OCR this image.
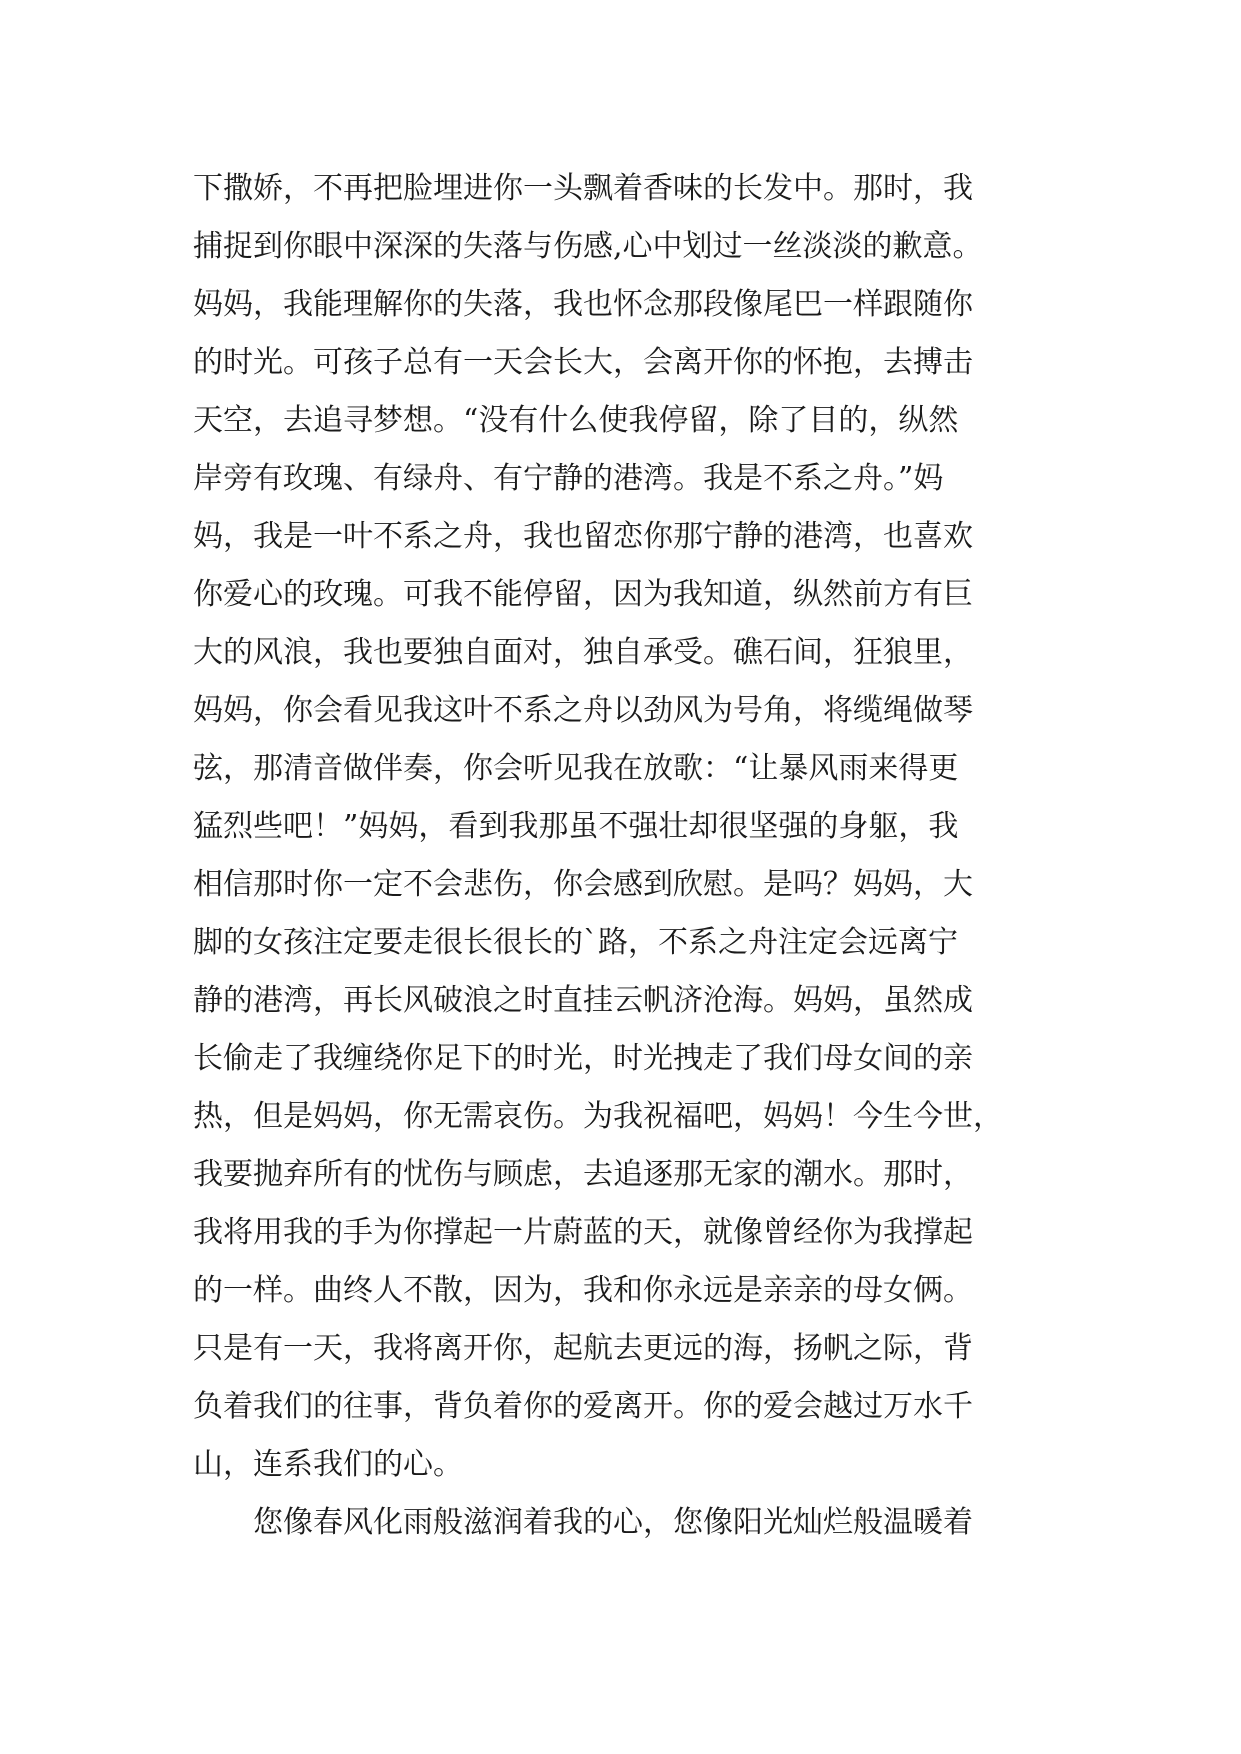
下撒娇，不再把脸埋进你一头飘着香味的长发中。那时，我
捕捉到你眼中深深的失落与伤感,心中划过一丝淡淡的歉意。
妈妈，我能理解你的失落，我也怀念那段像尾巴一样跟随你
的时光。可孩子总有一天会长大，会离开你的怀抱，去搏击
天空，去追寻梦想。“没有什么使我停留，除了目的，纵然
岸旁有玫瑰、有绿舟、有宁静的港湾。我是不系之舟。”妈
妈，我是一叶不系之舟，我也留恋你那宁静的港湾，也喜欢
你爱心的玫瑰。可我不能停留，因为我知道，纵然前方有巨
大的风浪，我也要独自面对，独自承受。礁石间，狂狼里，
妈妈，你会看见我这叶不系之舟以劲风为号角，将缆绳做琴
弦，那清音做伴奏，你会听见我在放歌：“让暴风雨来得更
猛烈些吧！”妈妈，看到我那虽不强壮却很坚强的身躯，我
相信那时你一定不会悲伤，你会感到欣慰。是吗？妈妈，大
脚的女孩注定要走很长很长的`路，不系之舟注定会远离宁
静的港湾，再长风破浪之时直挂云帆济沧海。妈妈，虽然成
长偷走了我缠绕你足下的时光，时光拽走了我们母女间的亲
热，但是妈妈，你无需哀伤。为我祝福吧，妈妈！今生今世，
我要抛弃所有的忧伤与顾虑，去追逐那无家的潮水。那时，
我将用我的手为你撑起一片蔚蓝的天，就像曾经你为我撑起
的一样。曲终人不散，因为，我和你永远是亲亲的母女俩。
只是有一天，我将离开你，起航去更远的海，扬帆之际，背
负着我们的往事，背负着你的爱离开。你的爱会越过万水千
山，连系我们的心。
您像春风化雨般滋润着我的心，您像阳光灿烂般温暖着
